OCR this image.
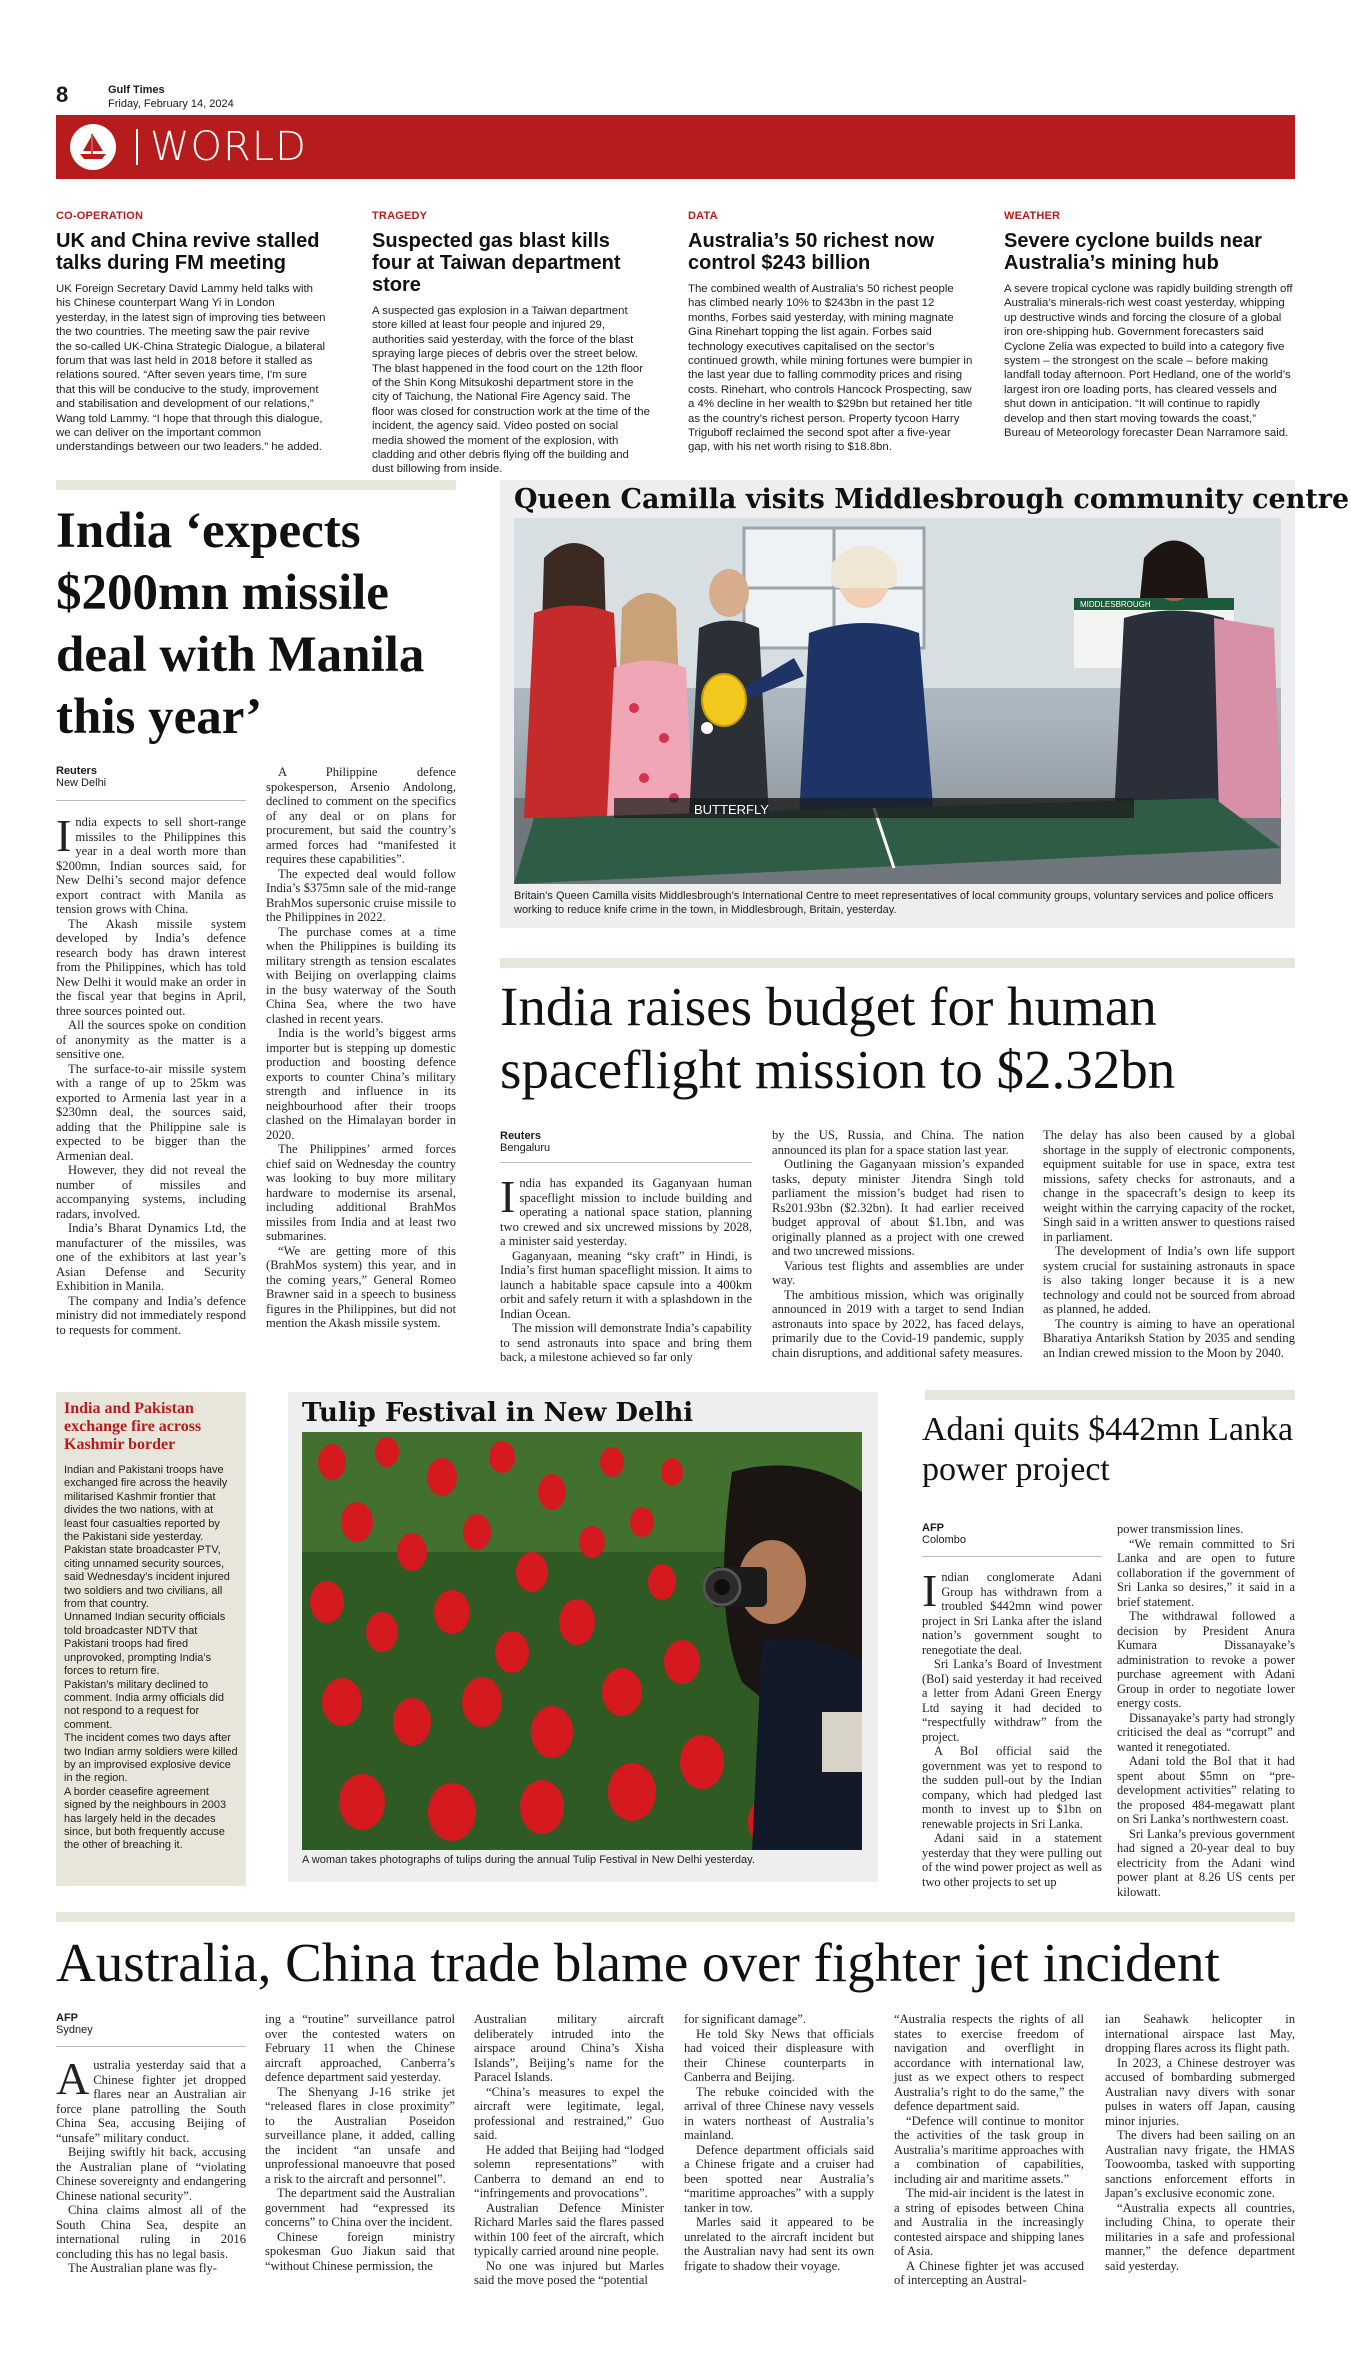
8	Gulf Times
Friday, February 14, 2024
WORLD
CO-OPERATION
UK and China revive stalled talks during FM meeting
UK Foreign Secretary David Lammy held talks with his Chinese counterpart Wang Yi in London yesterday, in the latest sign of improving ties between the two countries. The meeting saw the pair revive the so-called UK-China Strategic Dialogue, a bilateral forum that was last held in 2018 before it stalled as relations soured. “After seven years time, I'm sure that this will be conducive to the study, improvement and stabilisation and development of our relations,” Wang told Lammy. “I hope that through this dialogue, we can deliver on the important common understandings between our two leaders.” he added.
TRAGEDY
Suspected gas blast kills four at Taiwan department store
A suspected gas explosion in a Taiwan department store killed at least four people and injured 29, authorities said yesterday, with the force of the blast spraying large pieces of debris over the street below. The blast happened in the food court on the 12th floor of the Shin Kong Mitsukoshi department store in the city of Taichung, the National Fire Agency said. The floor was closed for construction work at the time of the incident, the agency said. Video posted on social media showed the moment of the explosion, with cladding and other debris flying off the building and dust billowing from inside.
DATA
Australia’s 50 richest now control $243 billion
The combined wealth of Australia’s 50 richest people has climbed nearly 10% to $243bn in the past 12 months, Forbes said yesterday, with mining magnate Gina Rinehart topping the list again. Forbes said technology executives capitalised on the sector’s continued growth, while mining fortunes were bumpier in the last year due to falling commodity prices and rising costs. Rinehart, who controls Hancock Prospecting, saw a 4% decline in her wealth to $29bn but retained her title as the country’s richest person. Property tycoon Harry Triguboff reclaimed the second spot after a five-year gap, with his net worth rising to $18.8bn.
WEATHER
Severe cyclone builds near Australia’s mining hub
A severe tropical cyclone was rapidly building strength off Australia’s minerals-rich west coast yesterday, whipping up destructive winds and forcing the closure of a global iron ore-shipping hub. Government forecasters said Cyclone Zelia was expected to build into a category five system – the strongest on the scale – before making landfall today afternoon. Port Hedland, one of the world’s largest iron ore loading ports, has cleared vessels and shut down in anticipation. “It will continue to rapidly develop and then start moving towards the coast,” Bureau of Meteorology forecaster Dean Narramore said.
India ‘expects $200mn missile deal with Manila this year’
Reuters
New Delhi

India expects to sell short-range missiles to the Philippines this year in a deal worth more than $200mn, Indian sources said, for New Delhi’s second major defence export contract with Manila as tension grows with China.

The Akash missile system developed by India’s defence research body has drawn interest from the Philippines, which has told New Delhi it would make an order in the fiscal year that begins in April, three sources pointed out.

All the sources spoke on condition of anonymity as the matter is a sensitive one.

The surface-to-air missile system with a range of up to 25km was exported to Armenia last year in a $230mn deal, the sources said, adding that the Philippine sale is expected to be bigger than the Armenian deal.

However, they did not reveal the number of missiles and accompanying systems, including radars, involved.

India’s Bharat Dynamics Ltd, the manufacturer of the missiles, was one of the exhibitors at last year’s Asian Defense and Security Exhibition in Manila.

The company and India’s defence ministry did not immediately respond to requests for comment.

A Philippine defence spokesperson, Arsenio Andolong, declined to comment on the specifics of any deal or on plans for procurement, but said the country’s armed forces had “manifested it requires these capabilities”.

The expected deal would follow India’s $375mn sale of the mid-range BrahMos supersonic cruise missile to the Philippines in 2022.

The purchase comes at a time when the Philippines is building its military strength as tension escalates with Beijing on overlapping claims in the busy waterway of the South China Sea, where the two have clashed in recent years.

India is the world’s biggest arms importer but is stepping up domestic production and boosting defence exports to counter China’s military strength and influence in its neighbourhood after their troops clashed on the Himalayan border in 2020.

The Philippines’ armed forces chief said on Wednesday the country was looking to buy more military hardware to modernise its arsenal, including additional BrahMos missiles from India and at least two submarines.

“We are getting more of this (BrahMos system) this year, and in the coming years,” General Romeo Brawner said in a speech to business figures in the Philippines, but did not mention the Akash missile system.

Queen Camilla visits Middlesbrough community centre
MIDDLESBROUGH
BUTTERFLY
Britain’s Queen Camilla visits Middlesbrough’s International Centre to meet representatives of local community groups, voluntary services and police officers working to reduce knife crime in the town, in Middlesbrough, Britain, yesterday.
India raises budget for human spaceflight mission to $2.32bn
Reuters
Bengaluru

India has expanded its Gaganyaan human spaceflight mission to include building and operating a national space station, planning two crewed and six uncrewed missions by 2028, a minister said yesterday.

Gaganyaan, meaning “sky craft” in Hindi, is India’s first human spaceflight mission. It aims to launch a habitable space capsule into a 400km orbit and safely return it with a splashdown in the Indian Ocean.

The mission will demonstrate India’s capability to send astronauts into space and bring them back, a milestone achieved so far only

by the US, Russia, and China. The nation announced its plan for a space station last year.

Outlining the Gaganyaan mission’s expanded tasks, deputy minister Jitendra Singh told parliament the mission’s budget had risen to Rs201.93bn ($2.32bn). It had earlier received budget approval of about $1.1bn, and was originally planned as a project with one crewed and two uncrewed missions.

Various test flights and assemblies are under way.

The ambitious mission, which was originally announced in 2019 with a target to send Indian astronauts into space by 2022, has faced delays, primarily due to the Covid-19 pandemic, supply chain disruptions, and additional safety measures.

The delay has also been caused by a global shortage in the supply of electronic components, equipment suitable for use in space, extra test missions, safety checks for astronauts, and a change in the spacecraft’s design to keep its weight within the carrying capacity of the rocket, Singh said in a written answer to questions raised in parliament.

The development of India’s own life support system crucial for sustaining astronauts in space is also taking longer because it is a new technology and could not be sourced from abroad as planned, he added.

The country is aiming to have an operational Bharatiya Antariksh Station by 2035 and sending an Indian crewed mission to the Moon by 2040.

India and Pakistan exchange fire across Kashmir border

Indian and Pakistani troops have exchanged fire across the heavily militarised Kashmir frontier that divides the two nations, with at least four casualties reported by the Pakistani side yesterday.

Pakistan state broadcaster PTV, citing unnamed security sources, said Wednesday’s incident injured two soldiers and two civilians, all from that country.

Unnamed Indian security officials told broadcaster NDTV that Pakistani troops had fired unprovoked, prompting India’s forces to return fire.

Pakistan’s military declined to comment. India army officials did not respond to a request for comment.

The incident comes two days after two Indian army soldiers were killed by an improvised explosive device in the region.

A border ceasefire agreement signed by the neighbours in 2003 has largely held in the decades since, but both frequently accuse the other of breaching it.

Tulip Festival in New Delhi
A woman takes photographs of tulips during the annual Tulip Festival in New Delhi yesterday.
Adani quits $442mn Lanka power project
AFP
Colombo

Indian conglomerate Adani Group has withdrawn from a troubled $442mn wind power project in Sri Lanka after the island nation’s government sought to renegotiate the deal.

Sri Lanka’s Board of Investment (BoI) said yesterday it had received a letter from Adani Green Energy Ltd saying it had decided to “respectfully withdraw” from the project.

A BoI official said the government was yet to respond to the sudden pull-out by the Indian company, which had pledged last month to invest up to $1bn on renewable projects in Sri Lanka.

Adani said in a statement yesterday that they were pulling out of the wind power project as well as two other projects to set up

power transmission lines.

“We remain committed to Sri Lanka and are open to future collaboration if the government of Sri Lanka so desires,” it said in a brief statement.

The withdrawal followed a decision by President Anura Kumara Dissanayake’s administration to revoke a power purchase agreement with Adani Group in order to negotiate lower energy costs.

Dissanayake’s party had strongly criticised the deal as “corrupt” and wanted it renegotiated.

Adani told the BoI that it had spent about $5mn on “pre-development activities” relating to the proposed 484-megawatt plant on Sri Lanka’s northwestern coast.

Sri Lanka’s previous government had signed a 20-year deal to buy electricity from the Adani wind power plant at 8.26 US cents per kilowatt.

Australia, China trade blame over fighter jet incident
AFP
Sydney

Australia yesterday said that a Chinese fighter jet dropped flares near an Australian air force plane patrolling the South China Sea, accusing Beijing of “unsafe” military conduct.

Beijing swiftly hit back, accusing the Australian plane of “violating Chinese sovereignty and endangering Chinese national security”.

China claims almost all of the South China Sea, despite an international ruling in 2016 concluding this has no legal basis.

The Australian plane was fly-

ing a “routine” surveillance patrol over the contested waters on February 11 when the Chinese aircraft approached, Canberra’s defence department said yesterday.

The Shenyang J-16 strike jet “released flares in close proximity” to the Australian Poseidon surveillance plane, it added, calling the incident “an unsafe and unprofessional manoeuvre that posed a risk to the aircraft and personnel”.

The department said the Australian government had “expressed its concerns” to China over the incident.

Chinese foreign ministry spokesman Guo Jiakun said that “without Chinese permission, the

Australian military aircraft deliberately intruded into the airspace around China’s Xisha Islands”, Beijing’s name for the Paracel Islands.

“China’s measures to expel the aircraft were legitimate, legal, professional and restrained,” Guo said.

He added that Beijing had “lodged solemn representations” with Canberra to demand an end to “infringements and provocations”.

Australian Defence Minister Richard Marles said the flares passed within 100 feet of the aircraft, which typically carried around nine people.

No one was injured but Marles said the move posed the “potential

for significant damage”.

He told Sky News that officials had voiced their displeasure with their Chinese counterparts in Canberra and Beijing.

The rebuke coincided with the arrival of three Chinese navy vessels in waters northeast of Australia’s mainland.

Defence department officials said a Chinese frigate and a cruiser had been spotted near Australia’s “maritime approaches” with a supply tanker in tow.

Marles said it appeared to be unrelated to the aircraft incident but the Australian navy had sent its own frigate to shadow their voyage.

“Australia respects the rights of all states to exercise freedom of navigation and overflight in accordance with international law, just as we expect others to respect Australia’s right to do the same,” the defence department said.

“Defence will continue to monitor the activities of the task group in Australia’s maritime approaches with a combination of capabilities, including air and maritime assets.”

The mid-air incident is the latest in a string of episodes between China and Australia in the increasingly contested airspace and shipping lanes of Asia.

A Chinese fighter jet was accused of intercepting an Austral-

ian Seahawk helicopter in international airspace last May, dropping flares across its flight path.

In 2023, a Chinese destroyer was accused of bombarding submerged Australian navy divers with sonar pulses in waters off Japan, causing minor injuries.

The divers had been sailing on an Australian navy frigate, the HMAS Toowoomba, tasked with supporting sanctions enforcement efforts in Japan’s exclusive economic zone.

“Australia expects all countries, including China, to operate their militaries in a safe and professional manner,” the defence department said yesterday.
